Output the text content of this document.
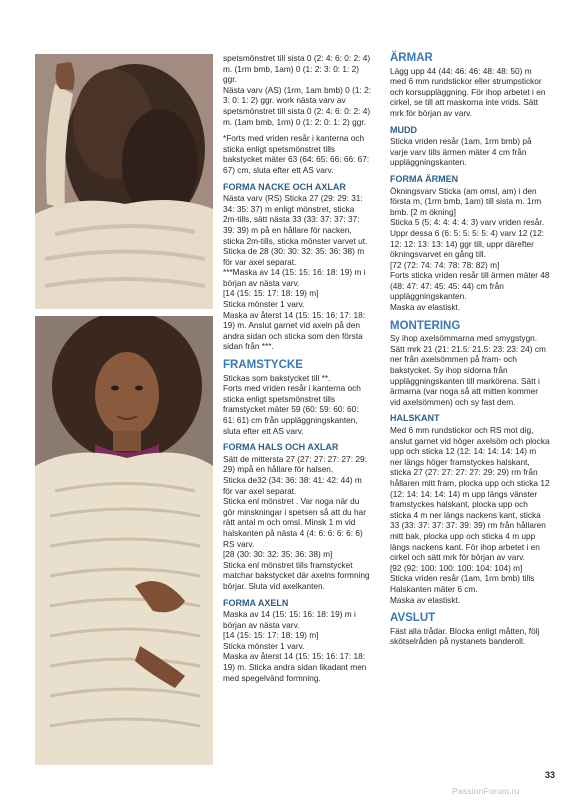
spetsmönstret till sista 0 (2: 4: 6: 0: 2: 4) m. (1rm bmb, 1am) 0 (1: 2: 3: 0: 1: 2) ggr.
Nästa varv (AS) (1rm, 1am bmb) 0 (1: 2: 3: 0: 1: 2) ggr. work nästa varv av spetsmönstret till sista 0 (2: 4: 6: 0: 2: 4) m. (1am bmb, 1rm) 0 (1: 2: 0: 1: 2) ggr.

*Forts med vriden resår i kanterna och sticka enligt spetsmönstret tills bakstycket mäter 63 (64: 65: 66: 66: 67: 67) cm, sluta efter ett AS varv.

FORMA NACKE OCH AXLAR

Nästa varv (RS) Sticka 27 (29: 29: 31: 34: 35: 37) m enligt mönstret, sticka 2m-tills, sätt nästa 33 (33: 37: 37: 37: 39: 39) m på en hållare för nacken, sticka 2m-tills, sticka mönster varvet ut. Sticka de 28 (30: 30: 32: 35: 36: 38) m för var axel separat.
***Maska av 14 (15: 15: 16: 18: 19) m i början av nästa varv.
[14 (15: 15: 17: 18: 19) m]
Sticka mönster 1 varv.
Maska av återst 14 (15: 15: 16: 17: 18: 19) m. Anslut garnet vid axeln på den andra sidan och sticka som den första sidan från ***.

FRAMSTYCKE

Stickas som bakstycket till **.
Forts med vriden resår i kanterna och sticka enligt spetsmönstret tills framstycket mäter 59 (60: 59: 60: 60: 61: 61) cm från uppläggningskanten, sluta efter ett AS varv.

FORMA HALS OCH AXLAR

Sätt de mittersta 27 (27: 27: 27: 27: 29: 29) mpå en hållare för halsen.
Sticka de32 (34: 36: 38: 41: 42: 44) m för var axel separat.
Sticka enl mönstret . Var noga när du gör minskningar i spetsen så att du har rätt antal m och omsl. Minsk 1 m vid halskanten på nästa 4 (4: 6: 6: 6: 6: 6) RS varv.
[28 (30: 30: 32: 35: 36: 38) m]
Sticka enl mönstret tills framstycket matchar bakstycket där axelns formning börjar. Sluta vid axelkanten.

FORMA AXELN

Maska av 14 (15: 15: 16: 18: 19) m i början av nästa varv.
[14 (15: 15: 17: 18: 19) m]
Sticka mönster 1 varv.
Maska av återst 14 (15: 15: 16: 17: 18: 19) m. Sticka andra sidan likadant men med spegelvänd formning.

ÄRMAR

Lägg upp 44 (44: 46: 46: 48: 48: 50) m med 6 mm rundstickor eller strumpstickor och korsuppläggning. För ihop arbetet i en cirkel, se till att maskorna inte vrids. Sätt mrk för början av varv.

MUDD

Sticka vriden resår (1am, 1rm bmb) på varje varv tills ärmen mäter 4 cm från uppläggningskanten.

FORMA ÄRMEN

Ökningsvarv Sticka (am omsl, am) i den första m, (1rm bmb, 1am) till sista m. 1rm bmb. [2 m ökning]
Sticka 5 (5: 4: 4: 4: 4: 3) varv vriden resår. Uppr dessa 6 (6: 5: 5: 5: 5: 4) varv 12 (12: 12: 12: 13: 13: 14) ggr till, uppr därefter ökningsvarvet en gång till.
[72 (72: 74: 74: 78: 78: 82) m]
Forts sticka vriden resår till ärmen mäter 48 (48: 47: 47: 45: 45: 44) cm från uppläggningskanten.
Maska av elastiskt.

MONTERING

Sy ihop axelsömmarna med smygstygn. Sätt mrk 21 (21: 21.5: 21.5: 23: 23: 24) cm ner från axelsömmen på fram- och bakstycket. Sy ihop sidorna från uppläggningskanten till markörena. Sätt i ärmarna (var noga så att mitten kommer vid axelsömmen) och sy fast dem.

HALSKANT

Med 6 mm rundstickor och RS mot dig, anslut garnet vid höger axelsöm och plocka upp och sticka 12 (12: 14: 14: 14: 14) m ner längs höger framstyckes halskant, sticka 27 (27: 27: 27: 27: 29: 29) rm från hållaren mitt fram, plocka upp och sticka 12 (12: 14: 14: 14: 14) m upp längs vänster framstyckes halskant, plocka upp och sticka 4 m ner längs nackens kant, sticka 33 (33: 37: 37: 37: 39: 39) rm från hållaren mitt bak, plocka upp och sticka 4 m upp längs nackens kant. För ihop arbetet i en cirkel och sätt mrk för början av varv.
[92 (92: 100: 100: 100: 104: 104) m]
Sticka vriden resår (1am, 1rm bmb) tills Halskanten mäter 6 cm.
Maska av elastiskt.

AVSLUT

Fäst alla trådar. Blocka enligt måtten, följ skötselråden på nystanets banderoll.

33
PassionForum.ru
